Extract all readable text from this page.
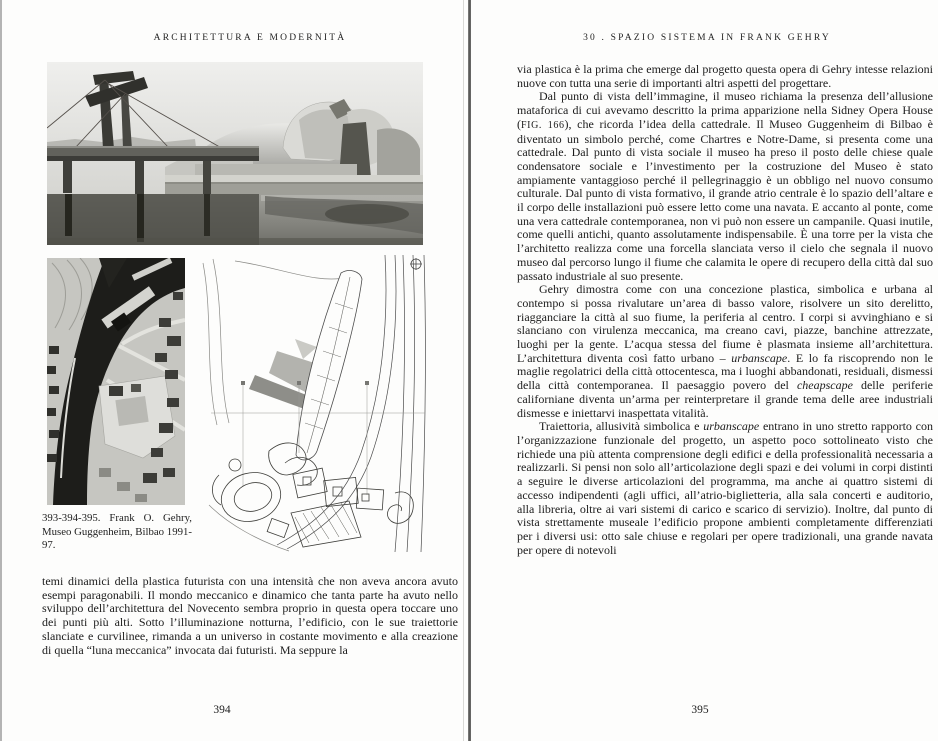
ARCHITETTURA E MODERNITÀ
393-394-395. Frank O. Gehry, Museo Guggenheim, Bilbao 1991-97.

temi dinamici della plastica futurista con una intensità che non aveva ancora avuto esempi paragonabili. Il mondo meccanico e dinamico che tanta parte ha avuto nello sviluppo dell’architettura del Novecento sembra proprio in questa opera toccare uno dei punti più alti. Sotto l’illuminazione notturna, l’edificio, con le sue traiettorie slanciate e curvilinee, rimanda a un universo in costante movimento e alla creazione di quella “luna meccanica” invocata dai futuristi. Ma seppure la

394
30 . SPAZIO SISTEMA IN FRANK GEHRY

via plastica è la prima che emerge dal progetto questa opera di Gehry intesse relazioni nuove con tutta una serie di importanti altri aspetti del progettare.

Dal punto di vista dell’immagine, il museo richiama la presenza dell’allusione mataforica di cui avevamo descritto la prima apparizione nella Sidney Opera House (FIG. 166), che ricorda l’idea della cattedrale. Il Museo Guggenheim di Bilbao è diventato un simbolo perché, come Chartres e Notre-Dame, si presenta come una cattedrale. Dal punto di vista sociale il museo ha preso il posto delle chiese quale condensatore sociale e l’investimento per la costruzione del Museo è stato ampiamente vantaggioso perché il pellegrinaggio è un obbligo nel nuovo consumo culturale. Dal punto di vista formativo, il grande atrio centrale è lo spazio dell’altare e il corpo delle installazioni può essere letto come una navata. E accanto al ponte, come una vera cattedrale contemporanea, non vi può non essere un campanile. Quasi inutile, come quelli antichi, quanto assolutamente indispensabile. È una torre per la vista che l’architetto realizza come una forcella slanciata verso il cielo che segnala il nuovo museo dal percorso lungo il fiume che calamita le opere di recupero della città dal suo passato industriale al suo presente.

Gehry dimostra come con una concezione plastica, simbolica e urbana al contempo si possa rivalutare un’area di basso valore, risolvere un sito derelitto, riagganciare la città al suo fiume, la periferia al centro. I corpi si avvinghiano e si slanciano con virulenza meccanica, ma creano cavi, piazze, banchine attrezzate, luoghi per la gente. L’acqua stessa del fiume è plasmata insieme all’architettura. L’architettura diventa così fatto urbano – urbanscape. E lo fa riscoprendo non le maglie regolatrici della città ottocentesca, ma i luoghi abbandonati, residuali, dismessi della città contemporanea. Il paesaggio povero del cheapscape delle periferie californiane diventa un’arma per reinterpretare il grande tema delle aree industriali dismesse e iniettarvi inaspettata vitalità.

Traiettoria, allusività simbolica e urbanscape entrano in uno stretto rapporto con l’organizzazione funzionale del progetto, un aspetto poco sottolineato visto che richiede una più attenta comprensione degli edifici e della professionalità necessaria a realizzarli. Si pensi non solo all’articolazione degli spazi e dei volumi in corpi distinti a seguire le diverse articolazioni del programma, ma anche ai quattro sistemi di accesso indipendenti (agli uffici, all’atrio-biglietteria, alla sala concerti e auditorio, alla libreria, oltre ai vari sistemi di carico e scarico di servizio). Inoltre, dal punto di vista strettamente museale l’edificio propone ambienti completamente differenziati per i diversi usi: otto sale chiuse e regolari per opere tradizionali, una grande navata per opere di notevoli

395
